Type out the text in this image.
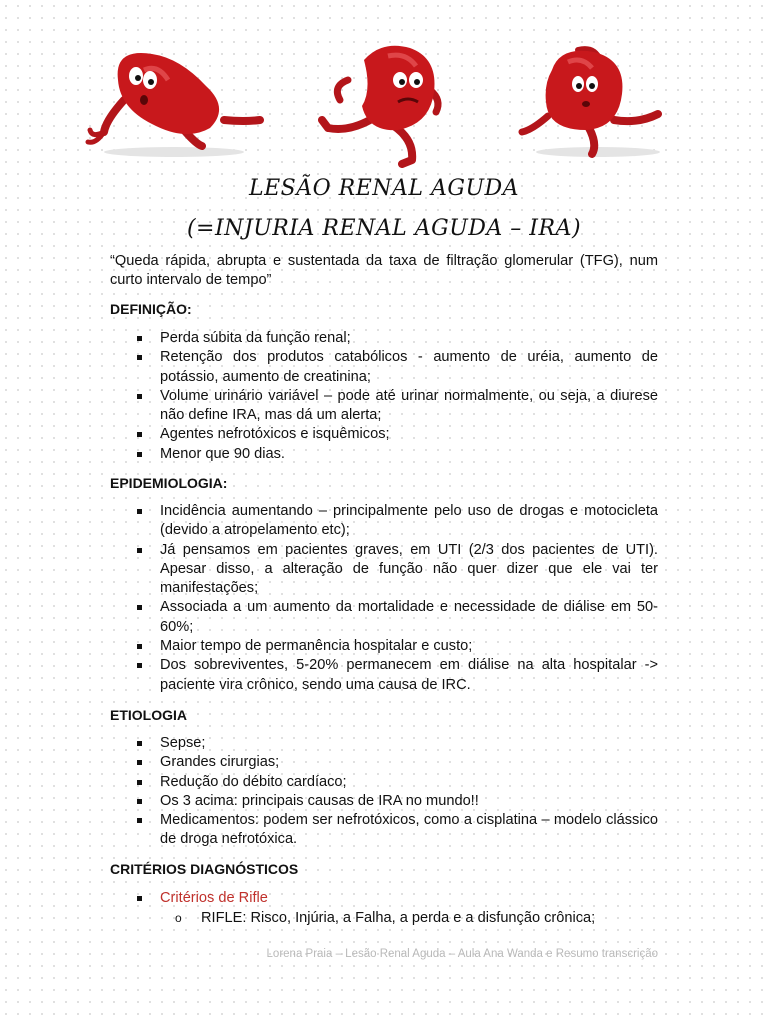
LESÃO RENAL AGUDA
(=INJURIA RENAL AGUDA – IRA)
“Queda rápida, abrupta e sustentada da taxa de filtração glomerular (TFG), num curto intervalo de tempo”
DEFINIÇÃO:
Perda súbita da função renal;
Retenção dos produtos catabólicos - aumento de uréia, aumento de potássio, aumento de creatinina;
Volume urinário variável – pode até urinar normalmente, ou seja, a diurese não define IRA, mas dá um alerta;
Agentes nefrotóxicos e isquêmicos;
Menor que 90 dias.
EPIDEMIOLOGIA:
Incidência aumentando – principalmente pelo uso de drogas e motocicleta (devido a atropelamento etc);
Já pensamos em pacientes graves, em UTI (2/3 dos pacientes de UTI). Apesar disso, a alteração de função não quer dizer que ele vai ter manifestações;
Associada a um aumento da mortalidade e necessidade de diálise em 50-60%;
Maior tempo de permanência hospitalar e custo;
Dos sobreviventes, 5-20% permanecem em diálise na alta hospitalar -> paciente vira crônico, sendo uma causa de IRC.
ETIOLOGIA
Sepse;
Grandes cirurgias;
Redução do débito cardíaco;
Os 3 acima: principais causas de IRA no mundo!!
Medicamentos: podem ser nefrotóxicos, como a cisplatina – modelo clássico de droga nefrotóxica.
CRITÉRIOS DIAGNÓSTICOS
Critérios de Rifle
o RIFLE: Risco, Injúria, a Falha, a perda e a disfunção crônica;
Lorena Praia – Lesão Renal Aguda – Aula Ana Wanda e Resumo transcrição
